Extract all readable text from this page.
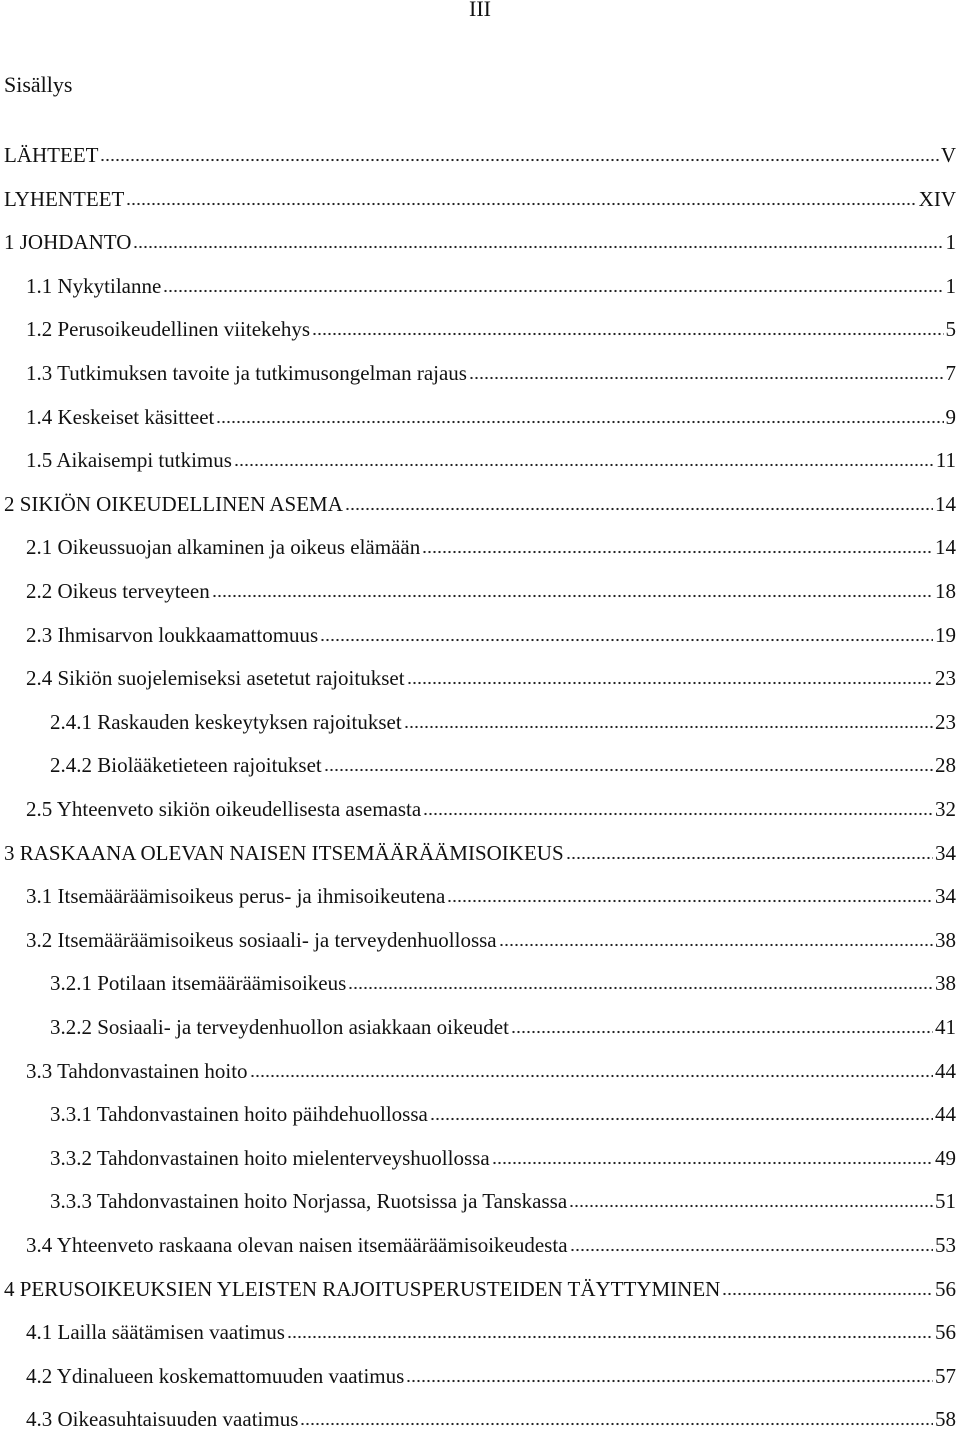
III
Sisällys
LÄHTEET	V
LYHENTEET	XIV
1 JOHDANTO	1
1.1 Nykytilanne	1
1.2 Perusoikeudellinen viitekehys	5
1.3 Tutkimuksen tavoite ja tutkimusongelman rajaus	7
1.4 Keskeiset käsitteet	9
1.5 Aikaisempi tutkimus	11
2 SIKIÖN OIKEUDELLINEN ASEMA	14
2.1 Oikeussuojan alkaminen ja oikeus elämään	14
2.2 Oikeus terveyteen	18
2.3 Ihmisarvon loukkaamattomuus	19
2.4 Sikiön suojelemiseksi asetetut rajoitukset	23
2.4.1 Raskauden keskeytyksen rajoitukset	23
2.4.2 Biolääketieteen rajoitukset	28
2.5 Yhteenveto sikiön oikeudellisesta asemasta	32
3 RASKAANA OLEVAN NAISEN ITSEMÄÄRÄÄMISOIKEUS	34
3.1 Itsemääräämisoikeus perus- ja ihmisoikeutena	34
3.2 Itsemääräämisoikeus sosiaali- ja terveydenhuollossa	38
3.2.1 Potilaan itsemääräämisoikeus	38
3.2.2 Sosiaali- ja terveydenhuollon asiakkaan oikeudet	41
3.3 Tahdonvastainen hoito	44
3.3.1 Tahdonvastainen hoito päihdehuollossa	44
3.3.2 Tahdonvastainen hoito mielenterveyshuollossa	49
3.3.3 Tahdonvastainen hoito Norjassa, Ruotsissa ja Tanskassa	51
3.4 Yhteenveto raskaana olevan naisen itsemääräämisoikeudesta	53
4 PERUSOIKEUKSIEN YLEISTEN RAJOITUSPERUSTEIDEN TÄYTTYMINEN	56
4.1 Lailla säätämisen vaatimus	56
4.2 Ydinalueen koskemattomuuden vaatimus	57
4.3 Oikeasuhtaisuuden vaatimus	58
